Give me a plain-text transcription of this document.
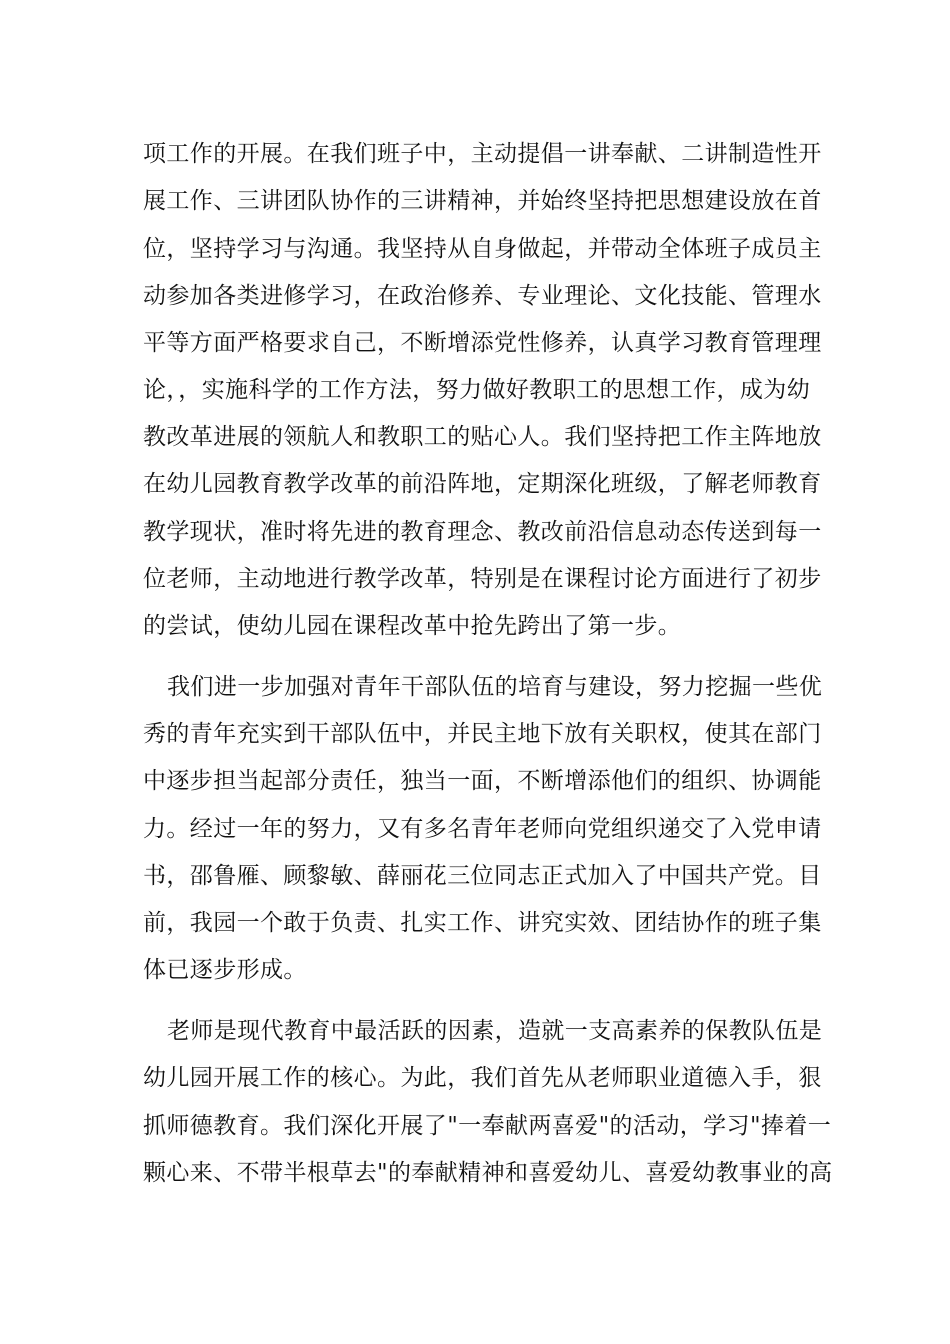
项工作的开展。在我们班子中，主动提倡一讲奉献、二讲制造性开
展工作、三讲团队协作的三讲精神，并始终坚持把思想建设放在首
位，坚持学习与沟通。我坚持从自身做起，并带动全体班子成员主
动参加各类进修学习，在政治修养、专业理论、文化技能、管理水
平等方面严格要求自己，不断增添党性修养，认真学习教育管理理
论，，实施科学的工作方法，努力做好教职工的思想工作，成为幼
教改革进展的领航人和教职工的贴心人。我们坚持把工作主阵地放
在幼儿园教育教学改革的前沿阵地，定期深化班级，了解老师教育
教学现状，准时将先进的教育理念、教改前沿信息动态传送到每一
位老师，主动地进行教学改革，特别是在课程讨论方面进行了初步
的尝试，使幼儿园在课程改革中抢先跨出了第一步。
我们进一步加强对青年干部队伍的培育与建设，努力挖掘一些优
秀的青年充实到干部队伍中，并民主地下放有关职权，使其在部门
中逐步担当起部分责任，独当一面，不断增添他们的组织、协调能
力。经过一年的努力，又有多名青年老师向党组织递交了入党申请
书，邵鲁雁、顾黎敏、薛丽花三位同志正式加入了中国共产党。目
前，我园一个敢于负责、扎实工作、讲究实效、团结协作的班子集
体已逐步形成。
老师是现代教育中最活跃的因素，造就一支高素养的保教队伍是
幼儿园开展工作的核心。为此，我们首先从老师职业道德入手，狠
抓师德教育。我们深化开展了"一奉献两喜爱"的活动，学习"捧着一
颗心来、不带半根草去"的奉献精神和喜爱幼儿、喜爱幼教事业的高
